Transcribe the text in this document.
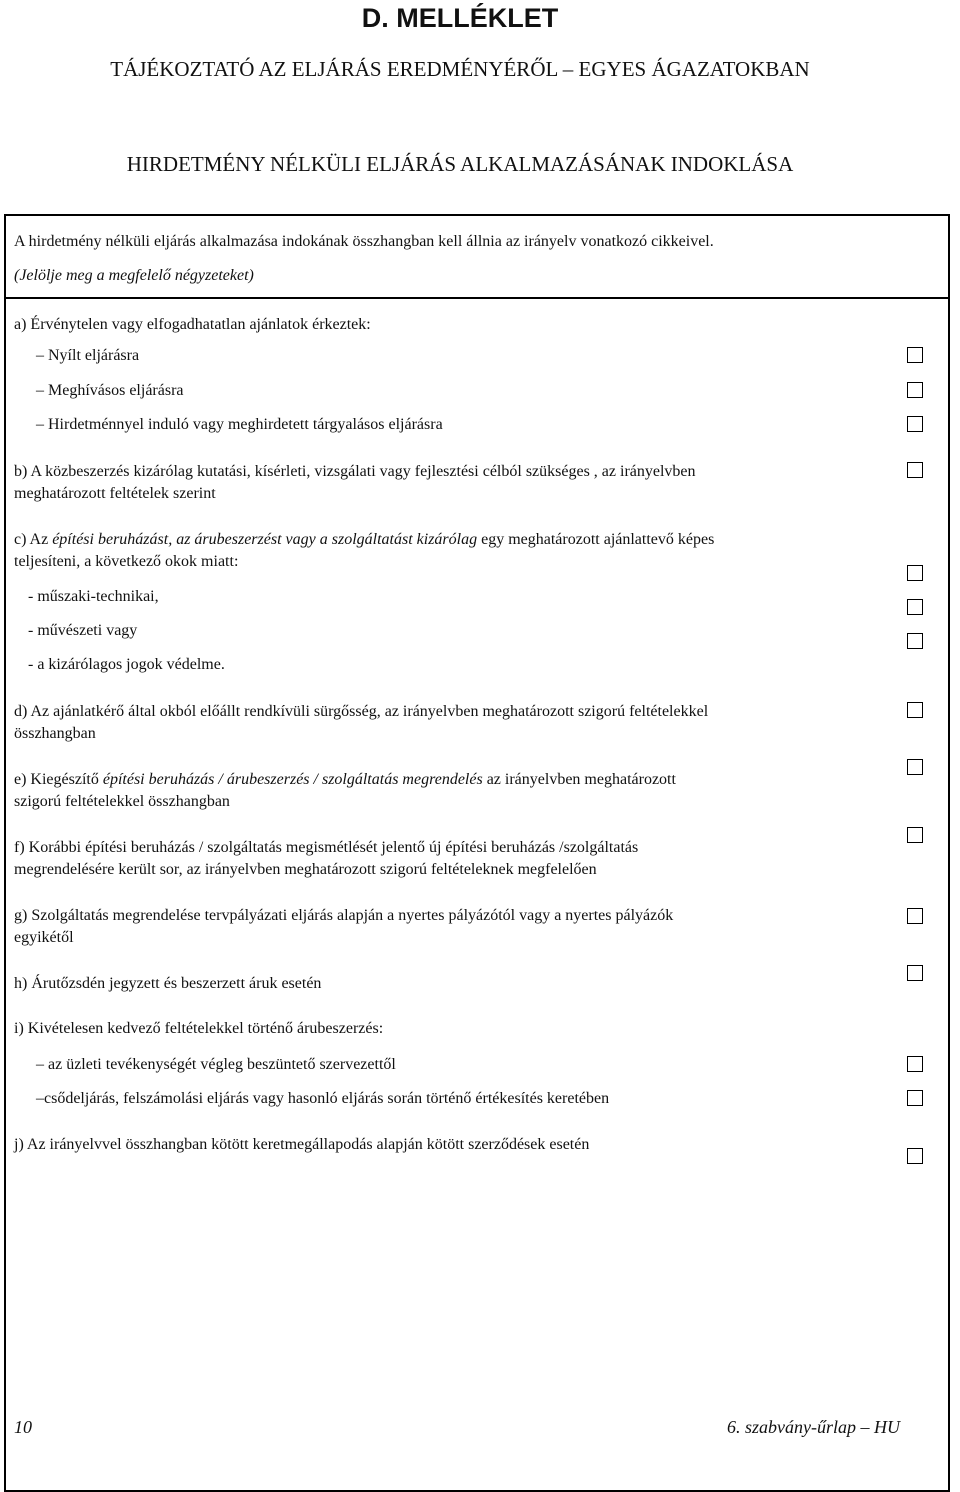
D. MELLÉKLET
TÁJÉKOZTATÓ AZ ELJÁRÁS EREDMÉNYÉRŐL – EGYES ÁGAZATOKBAN
HIRDETMÉNY NÉLKÜLI ELJÁRÁS ALKALMAZÁSÁNAK INDOKLÁSA
A hirdetmény nélküli eljárás alkalmazása indokának összhangban kell állnia az irányelv vonatkozó cikkeivel.
(Jelölje meg a megfelelő négyzeteket)
a) Érvénytelen vagy elfogadhatatlan ajánlatok érkeztek:
– Nyílt eljárásra
– Meghívásos eljárásra
– Hirdetménnyel induló vagy meghirdetett tárgyalásos eljárásra
b) A közbeszerzés kizárólag kutatási, kísérleti, vizsgálati vagy fejlesztési célból szükséges , az irányelvben
meghatározott feltételek szerint
c) Az építési beruházást, az árubeszerzést vagy a szolgáltatást kizárólag egy meghatározott ajánlattevő képes
teljesíteni, a következő okok miatt:
- műszaki-technikai,
- művészeti vagy
- a kizárólagos jogok védelme.
d) Az ajánlatkérő által okból előállt rendkívüli sürgősség, az irányelvben meghatározott szigorú feltételekkel
összhangban
e) Kiegészítő építési beruházás / árubeszerzés / szolgáltatás megrendelés az irányelvben meghatározott
szigorú feltételekkel összhangban
f) Korábbi építési beruházás / szolgáltatás megismétlését jelentő új építési beruházás /szolgáltatás
megrendelésére került sor, az irányelvben meghatározott szigorú feltételeknek megfelelően
g) Szolgáltatás megrendelése tervpályázati eljárás alapján a nyertes pályázótól vagy a nyertes pályázók
egyikétől
h) Árutőzsdén jegyzett és beszerzett áruk esetén
i) Kivételesen kedvező feltételekkel történő árubeszerzés:
– az üzleti tevékenységét végleg beszüntető szervezettől
–csődeljárás, felszámolási eljárás vagy hasonló eljárás során történő értékesítés keretében
j) Az irányelvvel összhangban kötött keretmegállapodás alapján kötött szerződések esetén
10	6. szabvány-űrlap – HU
